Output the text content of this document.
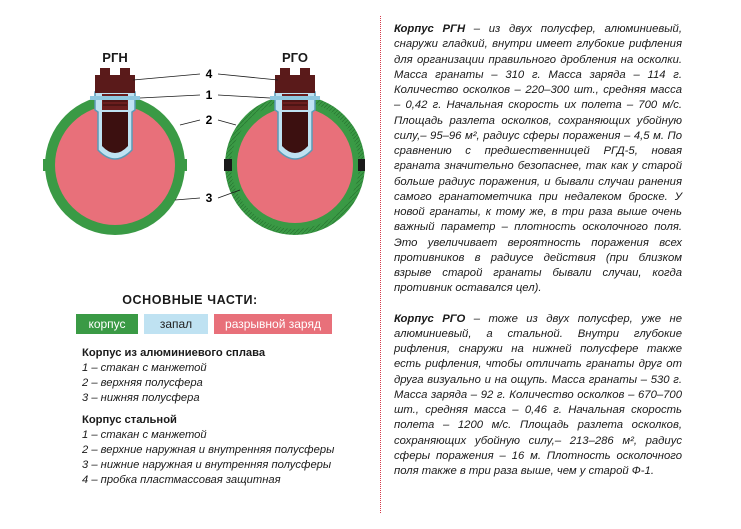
РГН	РГО
4
1
2
3
ОСНОВНЫЕ ЧАСТИ:
корпус	запал	разрывной заряд
Корпус из алюминиевого сплава
1 – стакан с манжетой
2 – верхняя полусфера
3 – нижняя полусфера
Корпус стальной
1 – стакан с манжетой
2 – верхние наружная и внутренняя полусферы
3 – нижние наружная и внутренняя полусферы
4 – пробка пластмассовая защитная

Корпус РГН – из двух полусфер, алюминиевый, снаружи гладкий, внутри имеет глубокие рифления для организации правильного дробления на осколки. Масса гранаты – 310 г. Масса заряда – 114 г. Количество осколков – 220–300 шт., средняя масса – 0,42 г. Начальная скорость их полета – 700 м/с. Площадь разлета осколков, сохраняющих убойную силу,– 95–96 м², радиус сферы поражения – 4,5 м. По сравнению с предшественницей РГД-5, новая граната значительно безопаснее, так как у старой больше радиус поражения, и бывали случаи ранения самого гранатометчика при недалеком броске. У новой гранаты, к тому же, в три раза выше очень важный параметр – плотность осколочного поля. Это увеличивает вероятность поражения всех противников в радиусе действия (при близком взрыве старой гранаты бывали случаи, когда противник оставался цел).

Корпус РГО – тоже из двух полусфер, уже не алюминиевый, а стальной. Внутри глубокие рифления, снаружи на нижней полусфере также есть рифления, чтобы отличать гранаты друг от друга визуально и на ощупь. Масса гранаты – 530 г. Масса заряда – 92 г. Количество осколков – 670–700 шт., средняя масса – 0,46 г. Начальная скорость полета – 1200 м/с. Площадь разлета осколков, сохраняющих убойную силу,– 213–286 м², радиус сферы поражения – 16 м. Плотность осколочного поля также в три раза выше, чем у старой Ф-1.
